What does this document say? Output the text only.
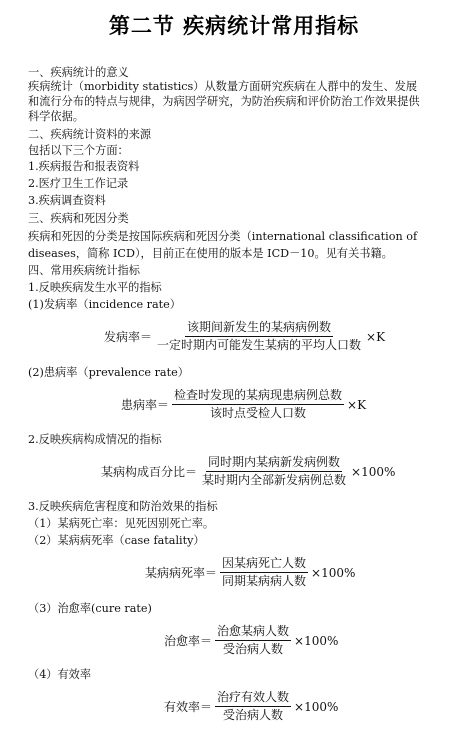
第二节 疾病统计常用指标
一、疾病统计的意义
疾病统计（morbidity statistics）从数量方面研究疾病在人群中的发生、发展
和流行分布的特点与规律，为病因学研究，为防治疾病和评价防治工作效果提供
科学依据。
二、疾病统计资料的来源
包括以下三个方面：
1.疾病报告和报表资料
2.医疗卫生工作记录
3.疾病调查资料
三、疾病和死因分类
疾病和死因的分类是按国际疾病和死因分类（international classification of
diseases，简称 ICD），目前正在使用的版本是 ICD－10。见有关书籍。
四、常用疾病统计指标
1.反映疾病发生水平的指标
(1)发病率（incidence rate）
发病率＝ $\frac{\text{该期间新发生的某病病例数}}{\text{一定时期内可能发生某病的平均人口数}} \times K$
(2)患病率（prevalence rate）
患病率＝ $\frac{\text{检查时发现的某病现患病例总数}}{\text{该时点受检人口数}} \times K$
2.反映疾病构成情况的指标
某病构成百分比＝ $\frac{\text{同时期内某病新发病例数}}{\text{某时期内全部新发病例总数}} \times 100\%$
3.反映疾病危害程度和防治效果的指标
（1）某病死亡率：见死因别死亡率。
（2）某病病死率（case fatality）
某病病死率＝ $\frac{\text{因某病死亡人数}}{\text{同期某病病人数}} \times 100\%$
（3）治愈率(cure rate)
治愈率＝ $\frac{\text{治愈某病人数}}{\text{受治病人数}} \times 100\%$
（4）有效率
有效率＝ $\frac{\text{治疗有效人数}}{\text{受治病人数}} \times 100\%$
